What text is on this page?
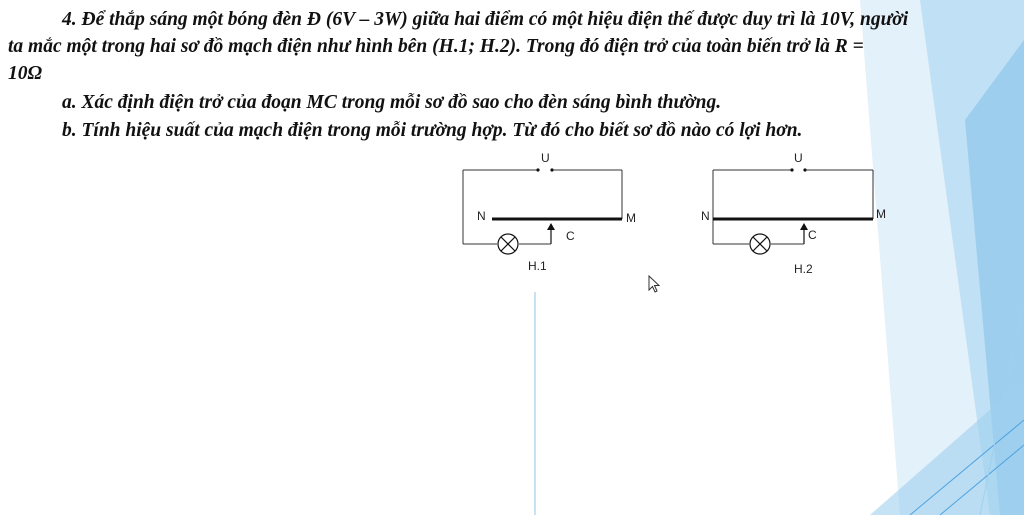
4. Để thắp sáng một bóng đèn Đ (6V – 3W) giữa hai điểm có một hiệu điện thế được duy trì là 10V, người
ta mắc một trong hai sơ đồ mạch điện như hình bên (H.1; H.2). Trong đó điện trở của toàn biến trở là R =
10Ω
a. Xác định điện trở của đoạn MC trong mỗi sơ đồ sao cho đèn sáng bình thường.
b. Tính hiệu suất của mạch điện trong mỗi trường hợp. Từ đó cho biết sơ đồ nào có lợi hơn.
U
N	M
C
H.1
U
N	M
C
H.2
